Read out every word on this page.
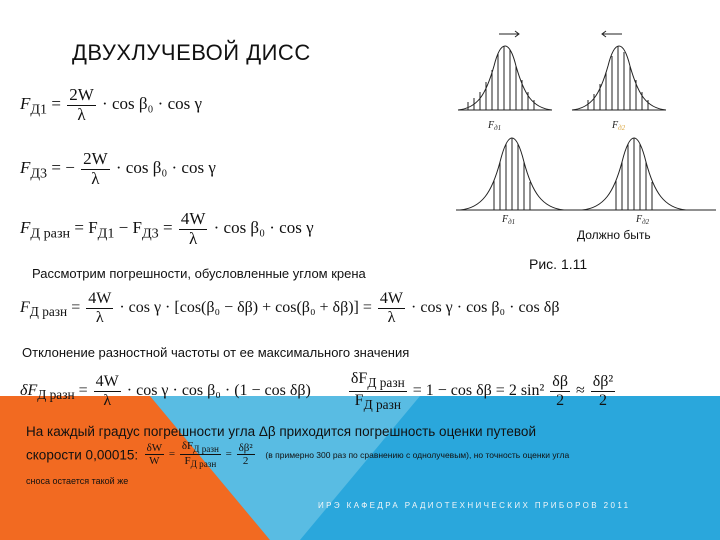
ДВУХЛУЧЕВОЙ ДИСС
$F_{Д1} = \frac{2W}{\lambda} \cdot \cos \beta_0 \cdot \cos \gamma$
$F_{Д3}$ = − $\frac{2W}{\lambda} \cdot \cos \beta_0 \cdot \cos \gamma$
$F_{Д разн} = F_{Д1} - F_{Д3} = \frac{4W}{\lambda} \cdot \cos \beta_0 \cdot \cos \gamma$
Рассмотрим погрешности, обусловленные углом крена
$F_{Д разн} = \frac{4W}{\lambda} \cdot \cos \gamma \cdot [\cos(\beta_0 - \delta\beta) + \cos(\beta_0 + \delta\beta)] = \frac{4W}{\lambda} \cdot \cos \gamma \cdot \cos \beta_0 \cdot \cos \delta\beta$
Отклонение разностной частоты от ее максимального значения
$\delta F_{Д разн} = \frac{4W}{\lambda} \cdot \cos \gamma \cdot \cos \beta_0 \cdot (1 - \cos \delta\beta) \frac{\delta F_{Д разн}}{F_{Д разн}} = 1 - \cos \delta\beta = 2$ $\sin^2 \frac{\delta\beta}{2} \approx \frac{\text{δβ²}}{2}$
На каждый градус погрешности угла Δβ приходится погрешность оценки путевой
скорости 0,00015: $\frac{\delta W}{W} = \frac{\delta F_{Д разн}}{F_{Д разн}} = \frac{\text{δβ²}}{2} (в$ примерно 300 раз по сравнению с однолучевым), но точность оценки угла
сноса остается такой же
ИРЭ КАФЕДРА РАДИОТЕХНИЧЕСКИХ ПРИБОРОВ 2011
$F_{д1}$	$F_{д2}$
$F_{д1}$	$F_{д2}$
Должно быть
Рис. 1.11
